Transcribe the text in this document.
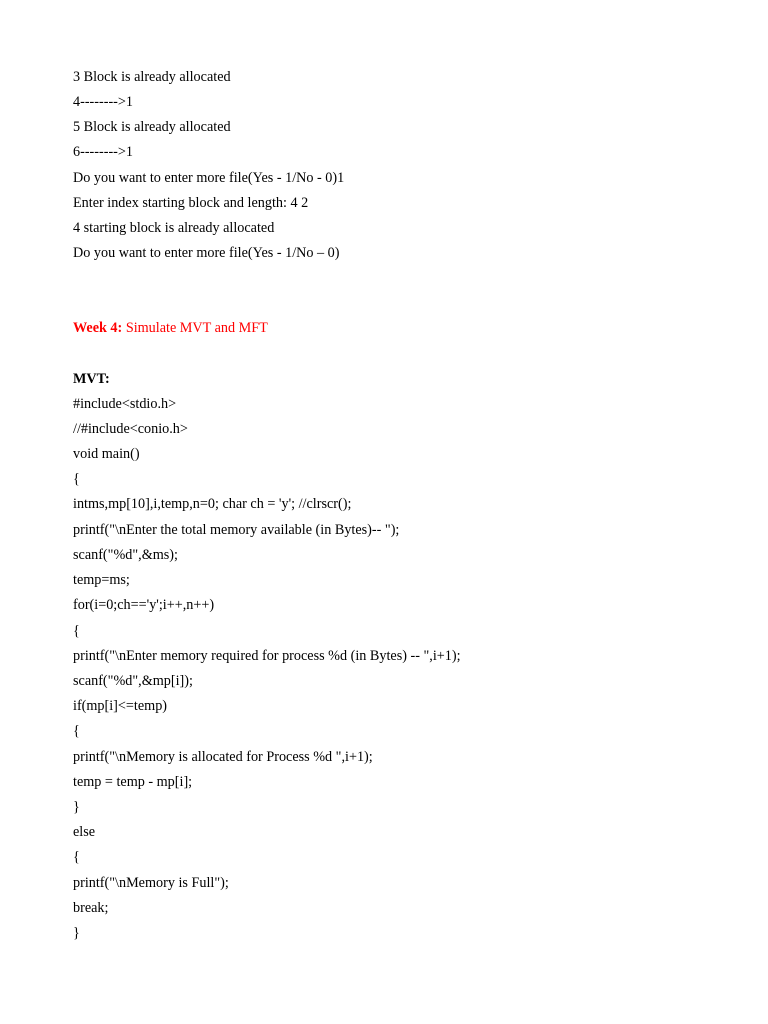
3 Block is already allocated
4-------->1
5 Block is already allocated
6-------->1
Do you want to enter more file(Yes - 1/No - 0)1
Enter index starting block and length: 4 2
4 starting block is already allocated
Do you want to enter more file(Yes - 1/No – 0)
Week 4: Simulate MVT and MFT
MVT:
#include<stdio.h>
//#include<conio.h>
void main()
{
intms,mp[10],i,temp,n=0; char ch = 'y'; //clrscr();
printf("\nEnter the total memory available (in Bytes)-- ");
scanf("%d",&ms);
temp=ms;
for(i=0;ch=='y';i++,n++)
{
printf("\nEnter memory required for process %d (in Bytes) -- ",i+1);
scanf("%d",&mp[i]);
if(mp[i]<=temp)
{
printf("\nMemory is allocated for Process %d ",i+1);
temp = temp - mp[i];
}
else
{
printf("\nMemory is Full");
break;
}
